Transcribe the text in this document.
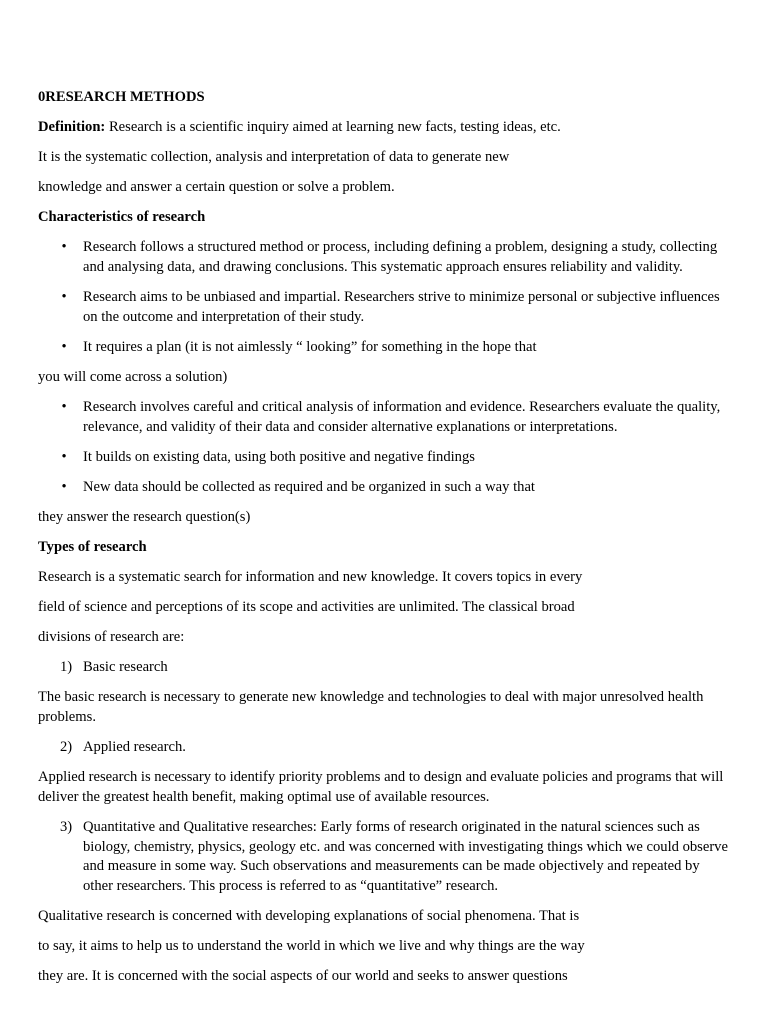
0RESEARCH METHODS

Definition: Research is a scientific inquiry aimed at learning new facts, testing ideas, etc.

It is the systematic collection, analysis and interpretation of data to generate new

knowledge and answer a certain question or solve a problem.

Characteristics of research

• Research follows a structured method or process, including defining a problem, designing a study, collecting and analysing data, and drawing conclusions. This systematic approach ensures reliability and validity.
• Research aims to be unbiased and impartial. Researchers strive to minimize personal or subjective influences on the outcome and interpretation of their study.
• It requires a plan (it is not aimlessly “ looking” for something in the hope that

you will come across a solution)

• Research involves careful and critical analysis of information and evidence. Researchers evaluate the quality, relevance, and validity of their data and consider alternative explanations or interpretations.
• It builds on existing data, using both positive and negative findings
• New data should be collected as required and be organized in such a way that

they answer the research question(s)

Types of research

Research is a systematic search for information and new knowledge. It covers topics in every

field of science and perceptions of its scope and activities are unlimited. The classical broad

divisions of research are:

1) Basic research

The basic research is necessary to generate new knowledge and technologies to deal with major unresolved health problems.

2) Applied research.

Applied research is necessary to identify priority problems and to design and evaluate policies and programs that will deliver the greatest health benefit, making optimal use of available resources.

3) Quantitative and Qualitative researches: Early forms of research originated in the natural sciences such as biology, chemistry, physics, geology etc. and was concerned with investigating things which we could observe and measure in some way. Such observations and measurements can be made objectively and repeated by other researchers. This process is referred to as “quantitative” research.

Qualitative research is concerned with developing explanations of social phenomena. That is

to say, it aims to help us to understand the world in which we live and why things are the way

they are. It is concerned with the social aspects of our world and seeks to answer questions
